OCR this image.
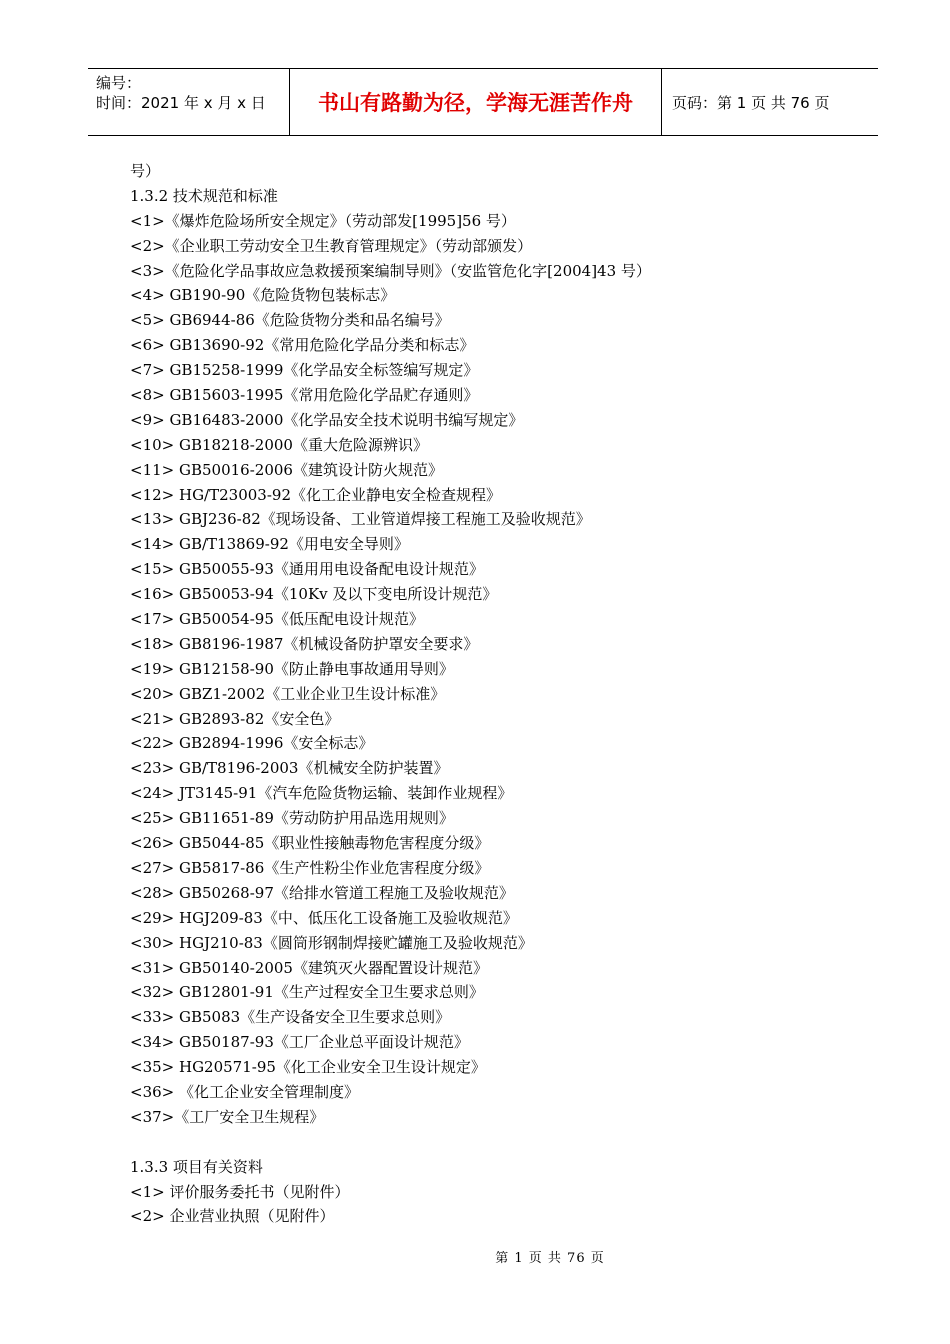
编号：
时间：2021 年 x 月 x 日	书山有路勤为径，学海无涯苦作舟	页码：第 1 页 共 76 页
号）
1.3.2 技术规范和标准
<1>《爆炸危险场所安全规定》（劳动部发[1995]56 号）
<2>《企业职工劳动安全卫生教育管理规定》（劳动部颁发）
<3>《危险化学品事故应急救援预案编制导则》（安监管危化字[2004]43 号）
<4> GB190-90《危险货物包装标志》
<5> GB6944-86《危险货物分类和品名编号》
<6> GB13690-92《常用危险化学品分类和标志》
<7> GB15258-1999《化学品安全标签编写规定》
<8> GB15603-1995《常用危险化学品贮存通则》
<9> GB16483-2000《化学品安全技术说明书编写规定》
<10> GB18218-2000《重大危险源辨识》
<11> GB50016-2006《建筑设计防火规范》
<12> HG/T23003-92《化工企业静电安全检查规程》
<13> GBJ236-82《现场设备、工业管道焊接工程施工及验收规范》
<14> GB/T13869-92《用电安全导则》
<15> GB50055-93《通用用电设备配电设计规范》
<16> GB50053-94《10Kv 及以下变电所设计规范》
<17> GB50054-95《低压配电设计规范》
<18> GB8196-1987《机械设备防护罩安全要求》
<19> GB12158-90《防止静电事故通用导则》
<20> GBZ1-2002《工业企业卫生设计标准》
<21> GB2893-82《安全色》
<22> GB2894-1996《安全标志》
<23> GB/T8196-2003《机械安全防护装置》
<24> JT3145-91《汽车危险货物运输、装卸作业规程》
<25> GB11651-89《劳动防护用品选用规则》
<26> GB5044-85《职业性接触毒物危害程度分级》
<27> GB5817-86《生产性粉尘作业危害程度分级》
<28> GB50268-97《给排水管道工程施工及验收规范》
<29> HGJ209-83《中、低压化工设备施工及验收规范》
<30> HGJ210-83《圆筒形钢制焊接贮罐施工及验收规范》
<31> GB50140-2005《建筑灭火器配置设计规范》
<32> GB12801-91《生产过程安全卫生要求总则》
<33> GB5083《生产设备安全卫生要求总则》
<34> GB50187-93《工厂企业总平面设计规范》
<35> HG20571-95《化工企业安全卫生设计规定》
<36> 《化工企业安全管理制度》
<37>《工厂安全卫生规程》
1.3.3 项目有关资料
<1> 评价服务委托书（见附件）
<2> 企业营业执照（见附件）
第 1 页 共 76 页
